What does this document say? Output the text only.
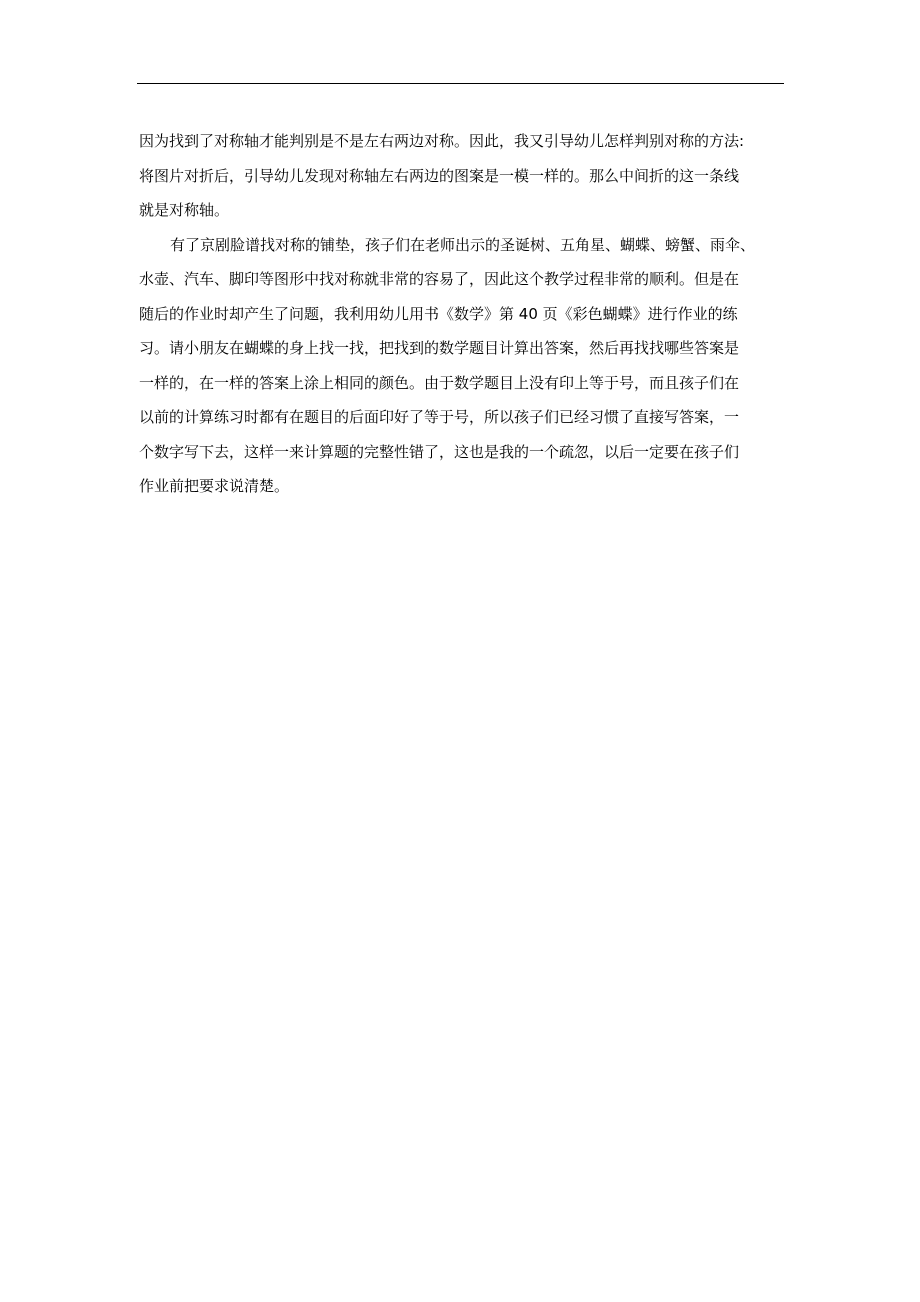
因为找到了对称轴才能判别是不是左右两边对称。因此，我又引导幼儿怎样判别对称的方法:
将图片对折后，引导幼儿发现对称轴左右两边的图案是一模一样的。那么中间折的这一条线
就是对称轴。
有了京剧脸谱找对称的铺垫，孩子们在老师出示的圣诞树、五角星、蝴蝶、螃蟹、雨伞、
水壶、汽车、脚印等图形中找对称就非常的容易了，因此这个教学过程非常的顺利。但是在
随后的作业时却产生了问题，我利用幼儿用书《数学》第 40 页《彩色蝴蝶》进行作业的练
习。请小朋友在蝴蝶的身上找一找，把找到的数学题目计算出答案，然后再找找哪些答案是
一样的，在一样的答案上涂上相同的颜色。由于数学题目上没有印上等于号，而且孩子们在
以前的计算练习时都有在题目的后面印好了等于号，所以孩子们已经习惯了直接写答案，一
个数字写下去，这样一来计算题的完整性错了，这也是我的一个疏忽，以后一定要在孩子们
作业前把要求说清楚。
